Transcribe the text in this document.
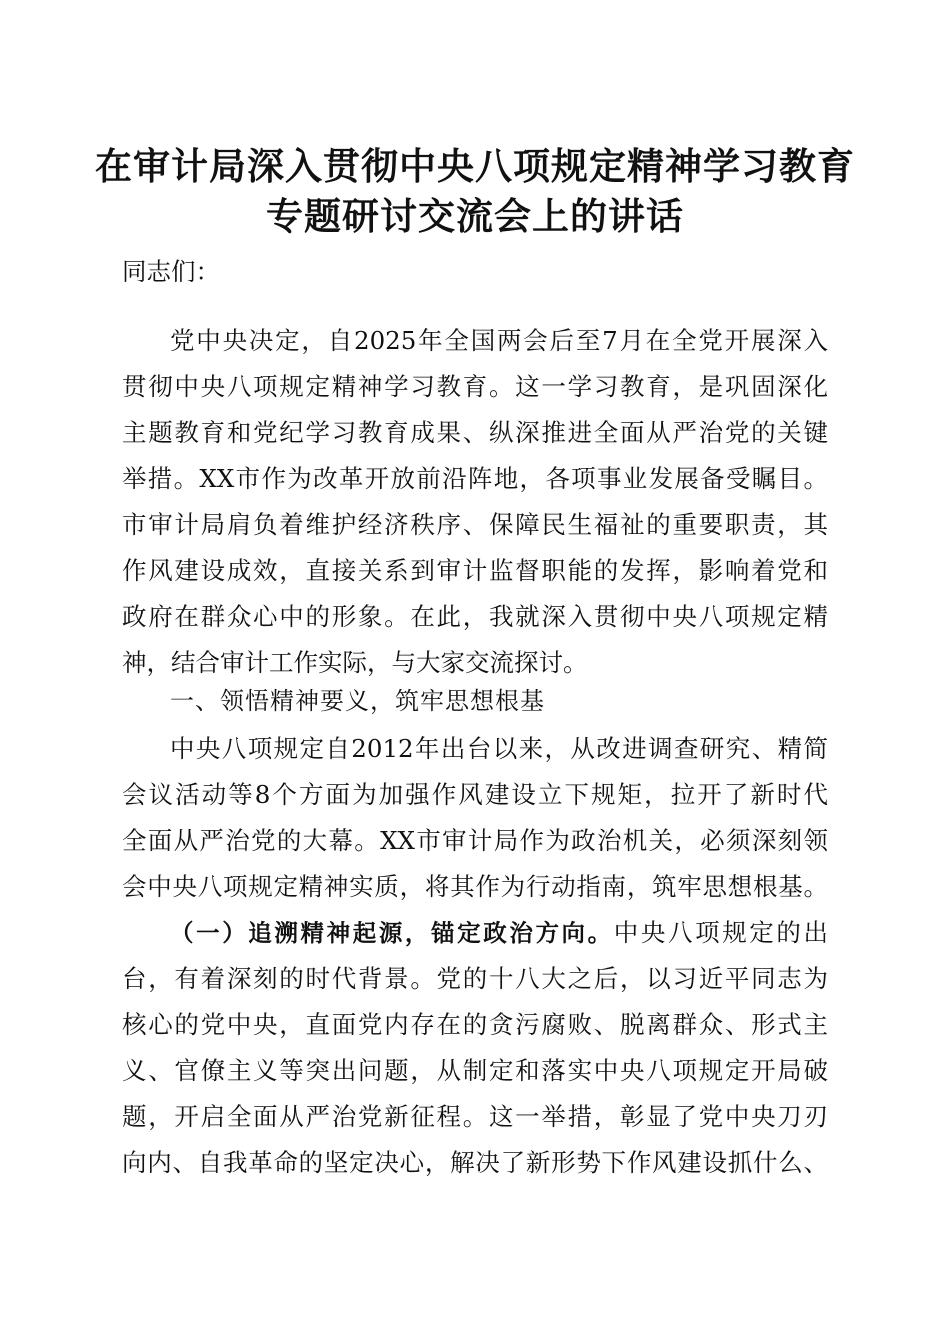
在审计局深入贯彻中央八项规定精神学习教育
专题研讨交流会上的讲话
同志们：
党中央决定，自2025年全国两会后至7月在全党开展深入
贯彻中央八项规定精神学习教育。这一学习教育，是巩固深化
主题教育和党纪学习教育成果、纵深推进全面从严治党的关键
举措。XX市作为改革开放前沿阵地，各项事业发展备受瞩目。
市审计局肩负着维护经济秩序、保障民生福祉的重要职责，其
作风建设成效，直接关系到审计监督职能的发挥，影响着党和
政府在群众心中的形象。在此，我就深入贯彻中央八项规定精
神，结合审计工作实际，与大家交流探讨。
一、领悟精神要义，筑牢思想根基
中央八项规定自2012年出台以来，从改进调查研究、精简
会议活动等8个方面为加强作风建设立下规矩，拉开了新时代
全面从严治党的大幕。XX市审计局作为政治机关，必须深刻领
会中央八项规定精神实质，将其作为行动指南，筑牢思想根基。
（一）追溯精神起源，锚定政治方向。中央八项规定的出
台，有着深刻的时代背景。党的十八大之后，以习近平同志为
核心的党中央，直面党内存在的贪污腐败、脱离群众、形式主
义、官僚主义等突出问题，从制定和落实中央八项规定开局破
题，开启全面从严治党新征程。这一举措，彰显了党中央刀刃
向内、自我革命的坚定决心，解决了新形势下作风建设抓什么、
